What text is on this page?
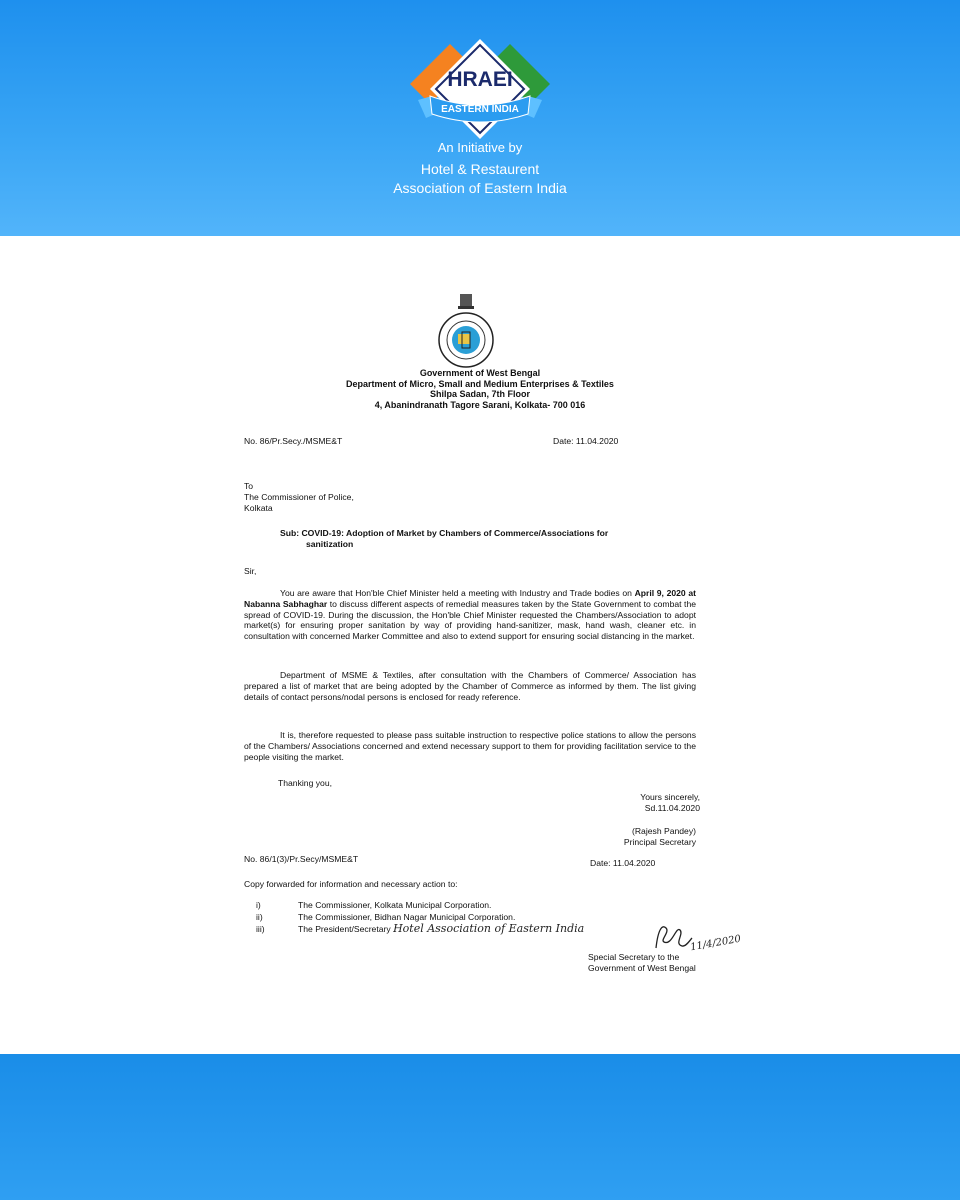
HRAEI
EASTERN INDIA
An Initiative by
Hotel & Restaurent
Association of Eastern India
Government of West Bengal
Department of Micro, Small and Medium Enterprises & Textiles
Shilpa Sadan, 7th Floor
4, Abanindranath Tagore Sarani, Kolkata- 700 016
No. 86/Pr.Secy./MSME&T	Date: 11.04.2020
To
The Commissioner of Police,
Kolkata
Sub: COVID-19: Adoption of Market by Chambers of Commerce/Associations for
sanitization
Sir,
You are aware that Hon'ble Chief Minister held a meeting with Industry and Trade bodies on April 9, 2020 at Nabanna Sabhaghar to discuss different aspects of remedial measures taken by the State Government to combat the spread of COVID-19. During the discussion, the Hon'ble Chief Minister requested the Chambers/Association to adopt market(s) for ensuring proper sanitation by way of providing hand-sanitizer, mask, hand wash, cleaner etc. in consultation with concerned Marker Committee and also to extend support for ensuring social distancing in the market.
Department of MSME & Textiles, after consultation with the Chambers of Commerce/ Association has prepared a list of market that are being adopted by the Chamber of Commerce as informed by them. The list giving details of contact persons/nodal persons is enclosed for ready reference.
It is, therefore requested to please pass suitable instruction to respective police stations to allow the persons of the Chambers/ Associations concerned and extend necessary support to them for providing facilitation service to the people visiting the market.
Thanking you,
Yours sincerely,
Sd.11.04.2020
(Rajesh Pandey)
Principal Secretary
No. 86/1(3)/Pr.Secy/MSME&T	Date: 11.04.2020
Copy forwarded for information and necessary action to:
i)	The Commissioner, Kolkata Municipal Corporation.
ii)	The Commissioner, Bidhan Nagar Municipal Corporation.
iii)	The President/Secretary Hotel Association of Eastern India
11/4/2020
Special Secretary to the
Government of West Bengal
